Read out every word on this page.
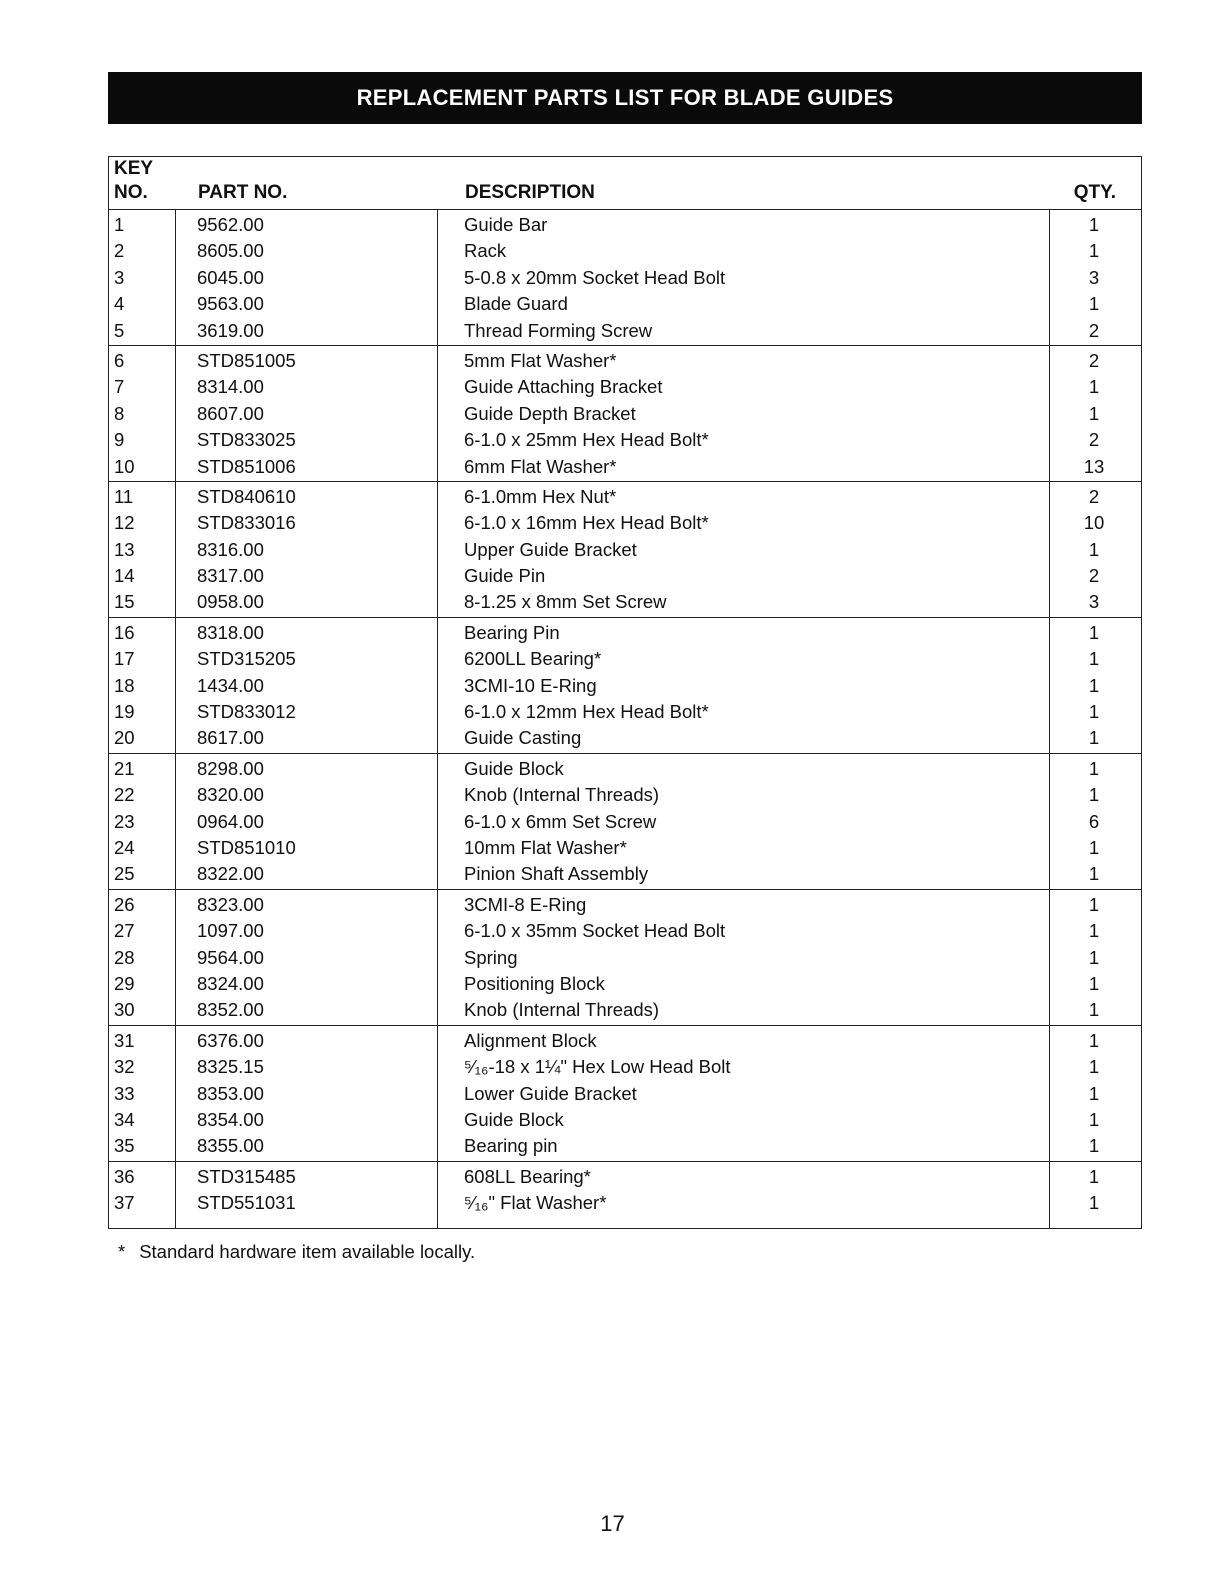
REPLACEMENT PARTS LIST FOR BLADE GUIDES
KEY
NO.	PART NO.	DESCRIPTION	QTY.
1	9562.00	Guide Bar	1
2	8605.00	Rack	1
3	6045.00	5-0.8 x 20mm Socket Head Bolt	3
4	9563.00	Blade Guard	1
5	3619.00	Thread Forming Screw	2
6	STD851005	5mm Flat Washer*	2
7	8314.00	Guide Attaching Bracket	1
8	8607.00	Guide Depth Bracket	1
9	STD833025	6-1.0 x 25mm Hex Head Bolt*	2
10	STD851006	6mm Flat Washer*	13
11	STD840610	6-1.0mm Hex Nut*	2
12	STD833016	6-1.0 x 16mm Hex Head Bolt*	10
13	8316.00	Upper Guide Bracket	1
14	8317.00	Guide Pin	2
15	0958.00	8-1.25 x 8mm Set Screw	3
16	8318.00	Bearing Pin	1
17	STD315205	6200LL Bearing*	1
18	1434.00	3CMI-10 E-Ring	1
19	STD833012	6-1.0 x 12mm Hex Head Bolt*	1
20	8617.00	Guide Casting	1
21	8298.00	Guide Block	1
22	8320.00	Knob (Internal Threads)	1
23	0964.00	6-1.0 x 6mm Set Screw	6
24	STD851010	10mm Flat Washer*	1
25	8322.00	Pinion Shaft Assembly	1
26	8323.00	3CMI-8 E-Ring	1
27	1097.00	6-1.0 x 35mm Socket Head Bolt	1
28	9564.00	Spring	1
29	8324.00	Positioning Block	1
30	8352.00	Knob (Internal Threads)	1
31	6376.00	Alignment Block	1
32	8325.15	⁵⁄₁₆-18 x 1¼" Hex Low Head Bolt	1
33	8353.00	Lower Guide Bracket	1
34	8354.00	Guide Block	1
35	8355.00	Bearing pin	1
36	STD315485	608LL Bearing*	1
37	STD551031	⁵⁄₁₆" Flat Washer*	1
* Standard hardware item available locally.
17
